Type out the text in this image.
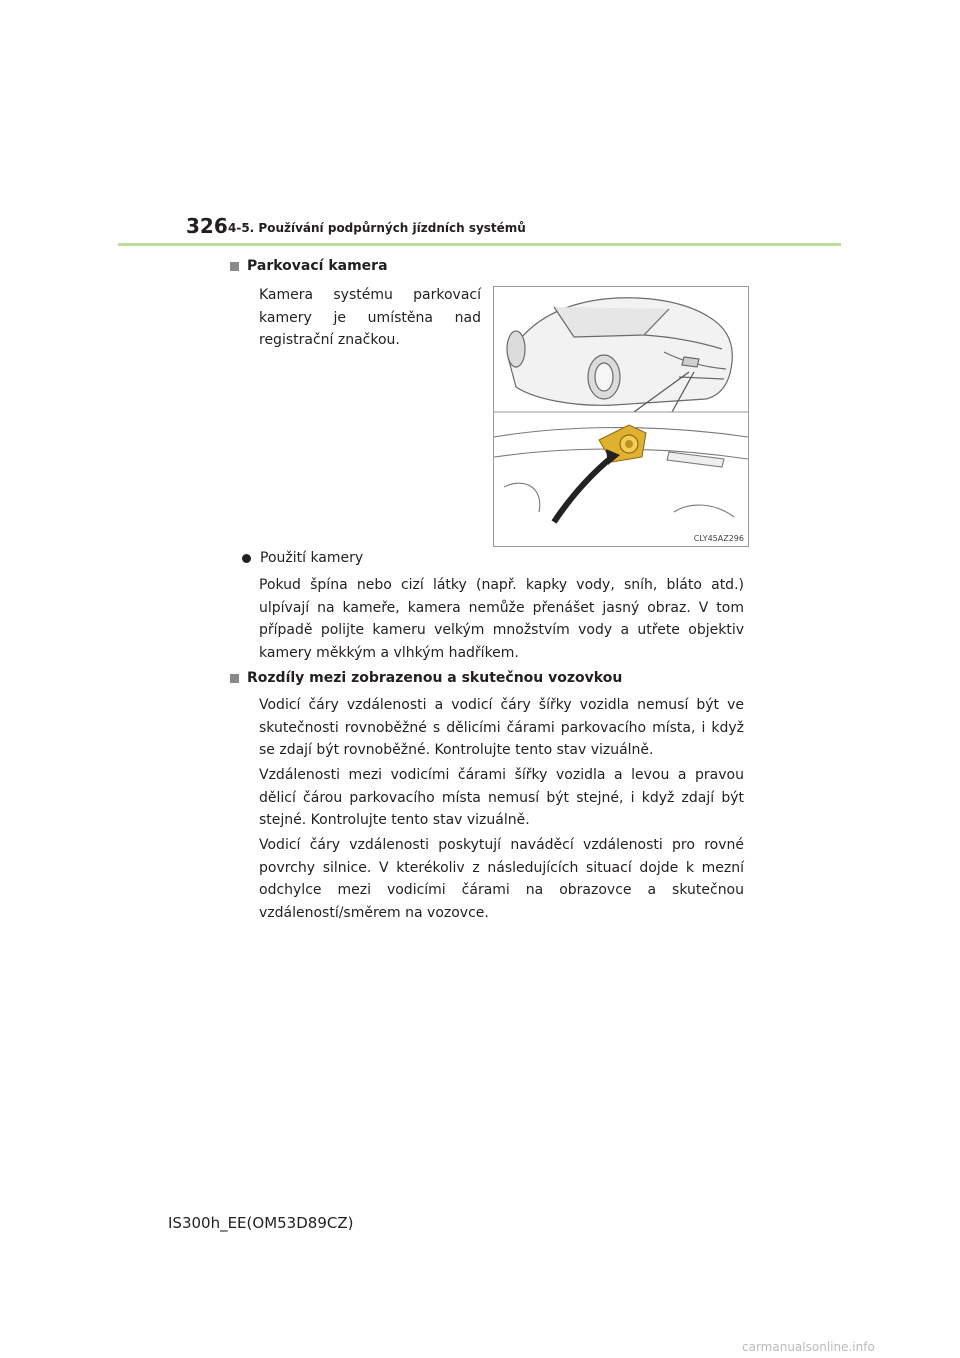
326 4-5. Používání podpůrných jízdních systémů
Parkovací kamera
Kamera systému parkovací kamery je umístěna nad registrační značkou.
CLY45AZ296
Použití kamery
Pokud špína nebo cizí látky (např. kapky vody, sníh, bláto atd.) ulpívají na kameře, kamera nemůže přenášet jasný obraz. V tom případě polijte kameru velkým množstvím vody a utřete objektiv kamery měkkým a vlhkým hadříkem.
Rozdíly mezi zobrazenou a skutečnou vozovkou
Vodicí čáry vzdálenosti a vodicí čáry šířky vozidla nemusí být ve skutečnosti rovnoběžné s dělicími čárami parkovacího místa, i když se zdají být rovnoběžné. Kontrolujte tento stav vizuálně.
Vzdálenosti mezi vodicími čárami šířky vozidla a levou a pravou dělicí čárou parkovacího místa nemusí být stejné, i když zdají být stejné. Kontrolujte tento stav vizuálně.
Vodicí čáry vzdálenosti poskytují naváděcí vzdálenosti pro rovné povrchy silnice. V kterékoliv z následujících situací dojde k mezní odchylce mezi vodicími čárami na obrazovce a skutečnou vzdáleností/směrem na vozovce.
IS300h_EE(OM53D89CZ)
carmanualsonline.info
